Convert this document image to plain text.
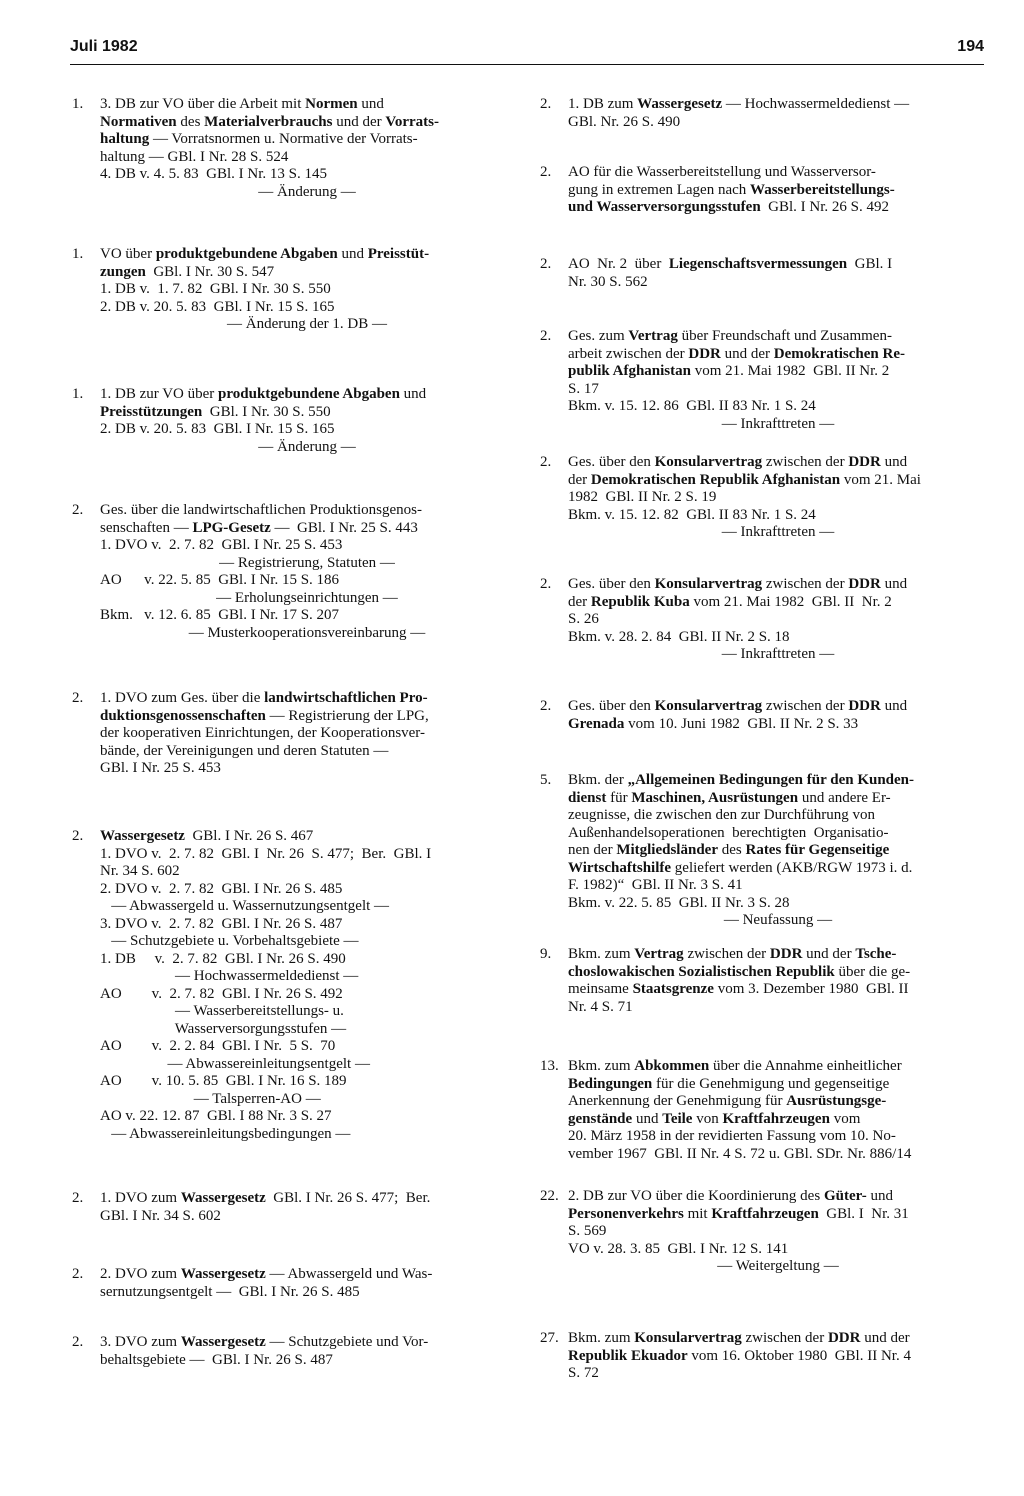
Juli 1982	194
1.	3. DB zur VO über die Arbeit mit Normen und
Normativen des Materialverbrauchs und der Vorrats-
haltung — Vorratsnormen u. Normative der Vorrats-
haltung — GBl. I Nr. 28 S. 524
4. DB v. 4. 5. 83  GBl. I Nr. 13 S. 145
— Änderung —
1.	VO über produktgebundene Abgaben und Preisstüt-
zungen  GBl. I Nr. 30 S. 547
1. DB v.  1. 7. 82  GBl. I Nr. 30 S. 550
2. DB v. 20. 5. 83  GBl. I Nr. 15 S. 165
— Änderung der 1. DB —
1.	1. DB zur VO über produktgebundene Abgaben und
Preisstützungen  GBl. I Nr. 30 S. 550
2. DB v. 20. 5. 83  GBl. I Nr. 15 S. 165
— Änderung —
2.	Ges. über die landwirtschaftlichen Produktionsgenos-
senschaften — LPG-Gesetz —  GBl. I Nr. 25 S. 443
1. DVO v.  2. 7. 82  GBl. I Nr. 25 S. 453
— Registrierung, Statuten —
AO      v. 22. 5. 85  GBl. I Nr. 15 S. 186
— Erholungseinrichtungen —
Bkm.   v. 12. 6. 85  GBl. I Nr. 17 S. 207
— Musterkooperationsvereinbarung —
2.	1. DVO zum Ges. über die landwirtschaftlichen Pro-
duktionsgenossenschaften — Registrierung der LPG,
der kooperativen Einrichtungen, der Kooperationsver-
bände, der Vereinigungen und deren Statuten —
GBl. I Nr. 25 S. 453
2.	Wassergesetz  GBl. I Nr. 26 S. 467
1. DVO v.  2. 7. 82  GBl. I  Nr. 26  S. 477;  Ber.  GBl. I
Nr. 34 S. 602
2. DVO v.  2. 7. 82  GBl. I Nr. 26 S. 485
— Abwassergeld u. Wassernutzungsentgelt —
3. DVO v.  2. 7. 82  GBl. I Nr. 26 S. 487
— Schutzgebiete u. Vorbehaltsgebiete —
1. DB     v.  2. 7. 82  GBl. I Nr. 26 S. 490
— Hochwassermeldedienst —
AO        v.  2. 7. 82  GBl. I Nr. 26 S. 492
— Wasserbereitstellungs- u.
Wasserversorgungsstufen —
AO        v.  2. 2. 84  GBl. I Nr.  5 S.  70
— Abwassereinleitungsentgelt —
AO        v. 10. 5. 85  GBl. I Nr. 16 S. 189
— Talsperren-AO —
AO v. 22. 12. 87  GBl. I 88 Nr. 3 S. 27
— Abwassereinleitungsbedingungen —
2.	1. DVO zum Wassergesetz  GBl. I Nr. 26 S. 477;  Ber.
GBl. I Nr. 34 S. 602
2.	2. DVO zum Wassergesetz — Abwassergeld und Was-
sernutzungsentgelt —  GBl. I Nr. 26 S. 485
2.	3. DVO zum Wassergesetz — Schutzgebiete und Vor-
behaltsgebiete —  GBl. I Nr. 26 S. 487
2.	1. DB zum Wassergesetz — Hochwassermeldedienst —
GBl. Nr. 26 S. 490
2.	AO für die Wasserbereitstellung und Wasserversor-
gung in extremen Lagen nach Wasserbereitstellungs-
und Wasserversorgungsstufen  GBl. I Nr. 26 S. 492
2.	AO  Nr. 2  über  Liegenschaftsvermessungen  GBl. I
Nr. 30 S. 562
2.	Ges. zum Vertrag über Freundschaft und Zusammen-
arbeit zwischen der DDR und der Demokratischen Re-
publik Afghanistan vom 21. Mai 1982  GBl. II Nr. 2
S. 17
Bkm. v. 15. 12. 86  GBl. II 83 Nr. 1 S. 24
— Inkrafttreten —
2.	Ges. über den Konsularvertrag zwischen der DDR und
der Demokratischen Republik Afghanistan vom 21. Mai
1982  GBl. II Nr. 2 S. 19
Bkm. v. 15. 12. 82  GBl. II 83 Nr. 1 S. 24
— Inkrafttreten —
2.	Ges. über den Konsularvertrag zwischen der DDR und
der Republik Kuba vom 21. Mai 1982  GBl. II  Nr. 2
S. 26
Bkm. v. 28. 2. 84  GBl. II Nr. 2 S. 18
— Inkrafttreten —
2.	Ges. über den Konsularvertrag zwischen der DDR und
Grenada vom 10. Juni 1982  GBl. II Nr. 2 S. 33
5.	Bkm. der „Allgemeinen Bedingungen für den Kunden-
dienst für Maschinen, Ausrüstungen und andere Er-
zeugnisse, die zwischen den zur Durchführung von
Außenhandelsoperationen  berechtigten  Organisatio-
nen der Mitgliedsländer des Rates für Gegenseitige
Wirtschaftshilfe geliefert werden (AKB/RGW 1973 i. d.
F. 1982)“  GBl. II Nr. 3 S. 41
Bkm. v. 22. 5. 85  GBl. II Nr. 3 S. 28
— Neufassung —
9.	Bkm. zum Vertrag zwischen der DDR und der Tsche-
choslowakischen Sozialistischen Republik über die ge-
meinsame Staatsgrenze vom 3. Dezember 1980  GBl. II
Nr. 4 S. 71
13. Bkm. zum Abkommen über die Annahme einheitlicher
Bedingungen für die Genehmigung und gegenseitige
Anerkennung der Genehmigung für Ausrüstungsge-
genstände und Teile von Kraftfahrzeugen vom
20. März 1958 in der revidierten Fassung vom 10. No-
vember 1967  GBl. II Nr. 4 S. 72 u. GBl. SDr. Nr. 886/14
22. 2. DB zur VO über die Koordinierung des Güter- und
Personenverkehrs mit Kraftfahrzeugen  GBl. I  Nr. 31
S. 569
VO v. 28. 3. 85  GBl. I Nr. 12 S. 141
— Weitergeltung —
27. Bkm. zum Konsularvertrag zwischen der DDR und der
Republik Ekuador vom 16. Oktober 1980  GBl. II Nr. 4
S. 72
